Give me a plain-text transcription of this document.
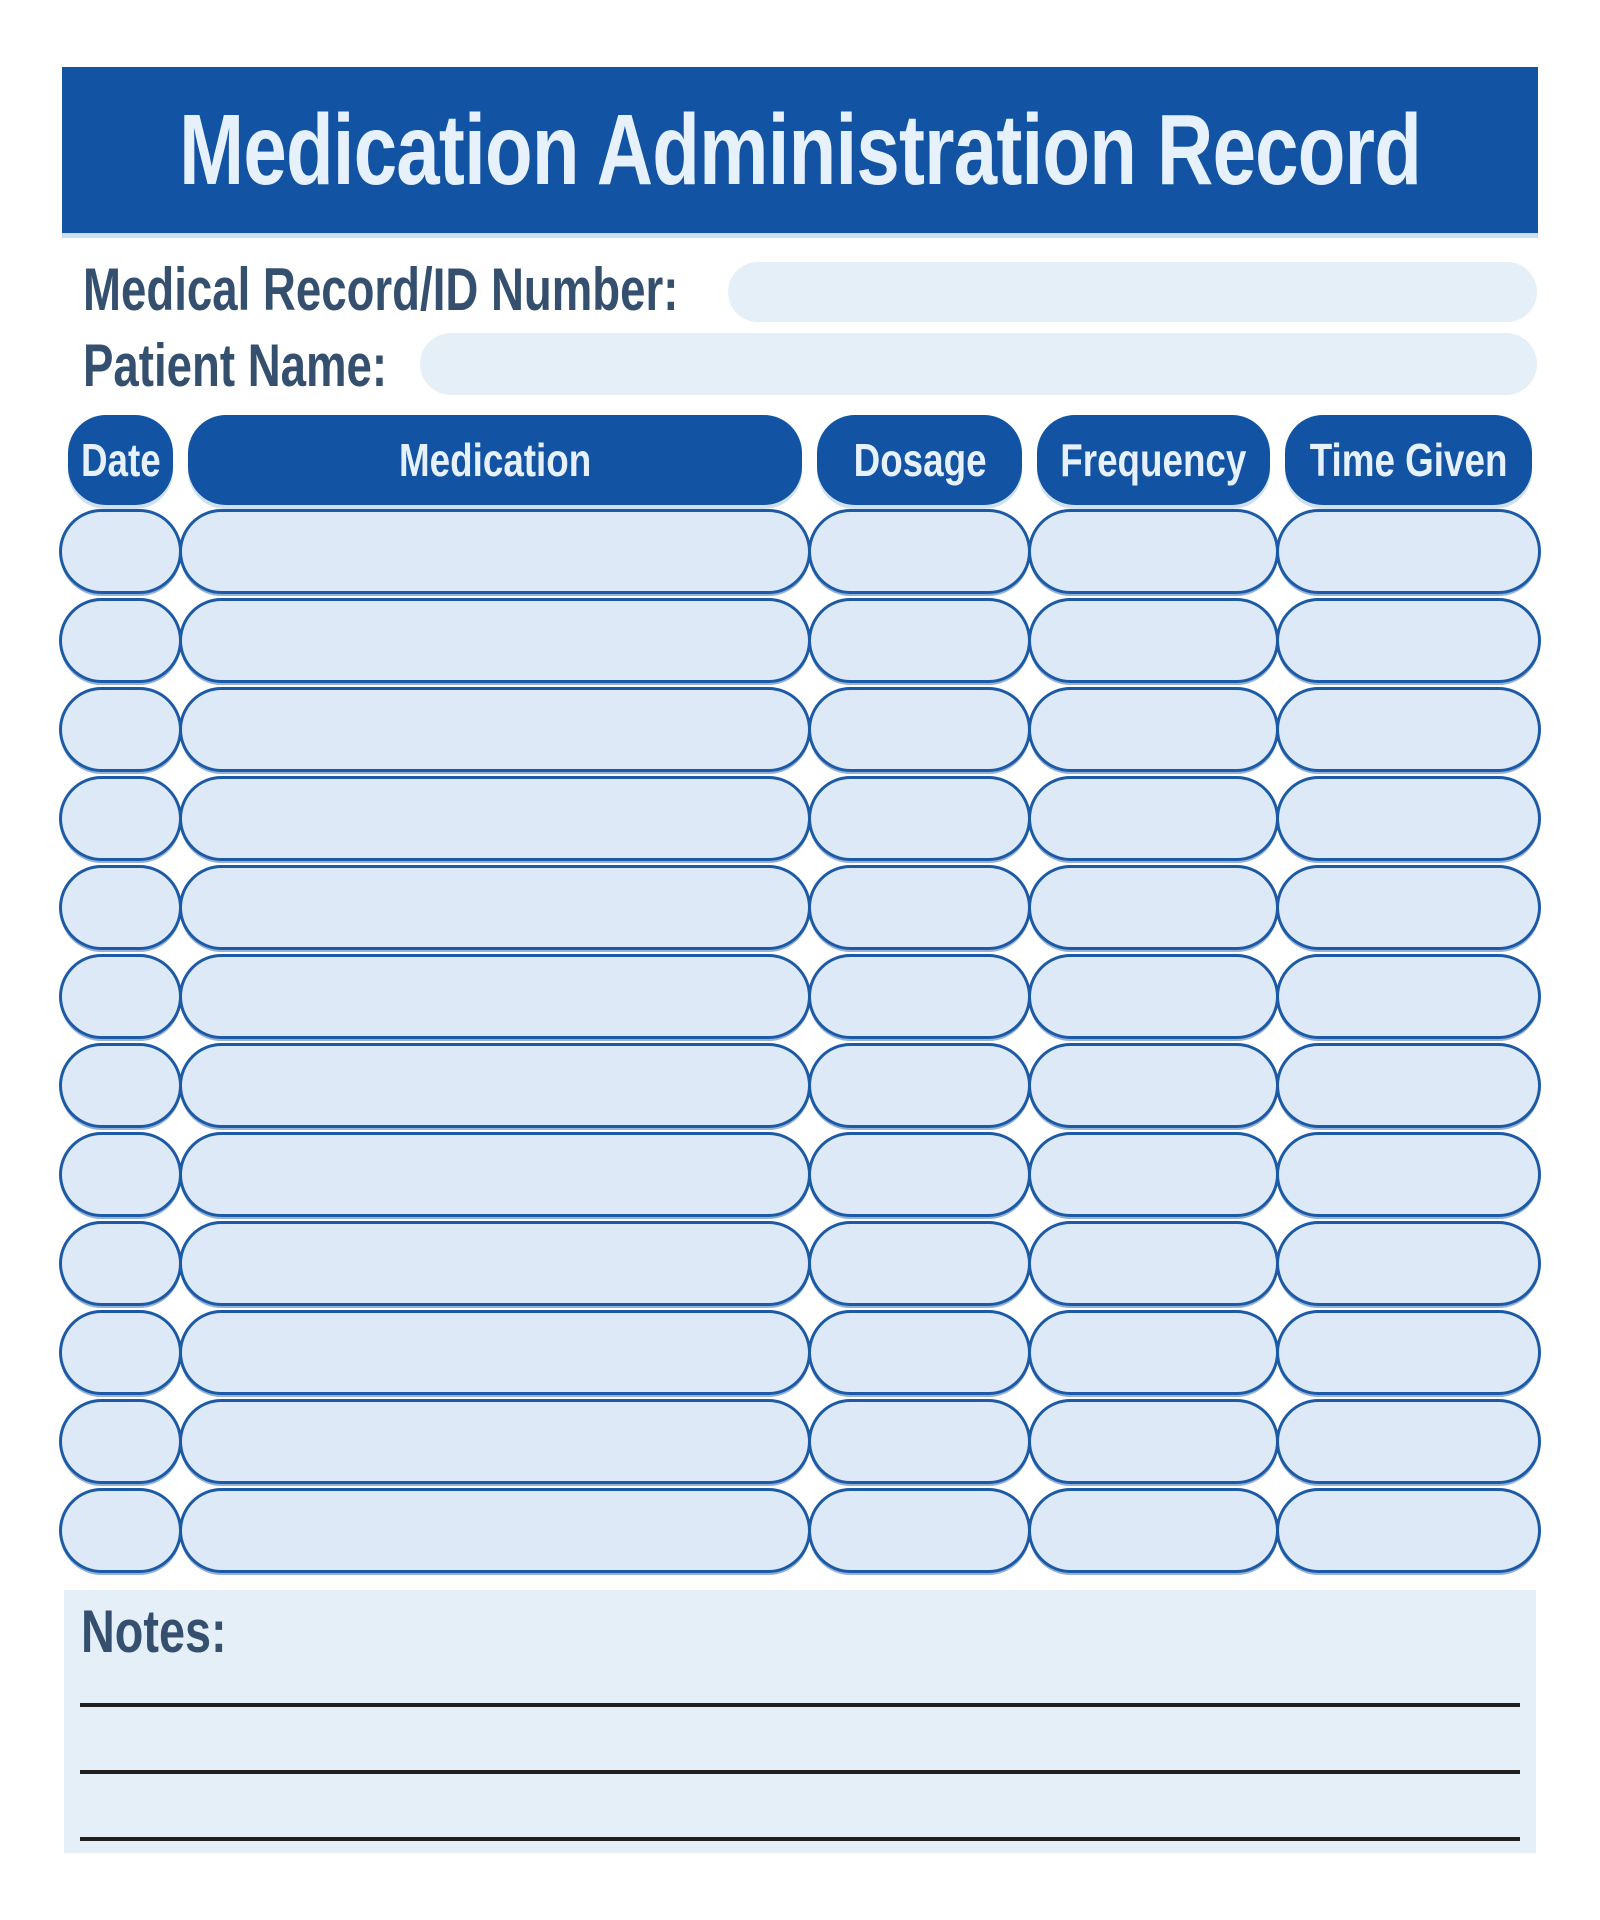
Medication Administration Record
Medical Record/ID Number:
Patient Name:
Date	Medication	Dosage Frequency Time Given
Notes:
